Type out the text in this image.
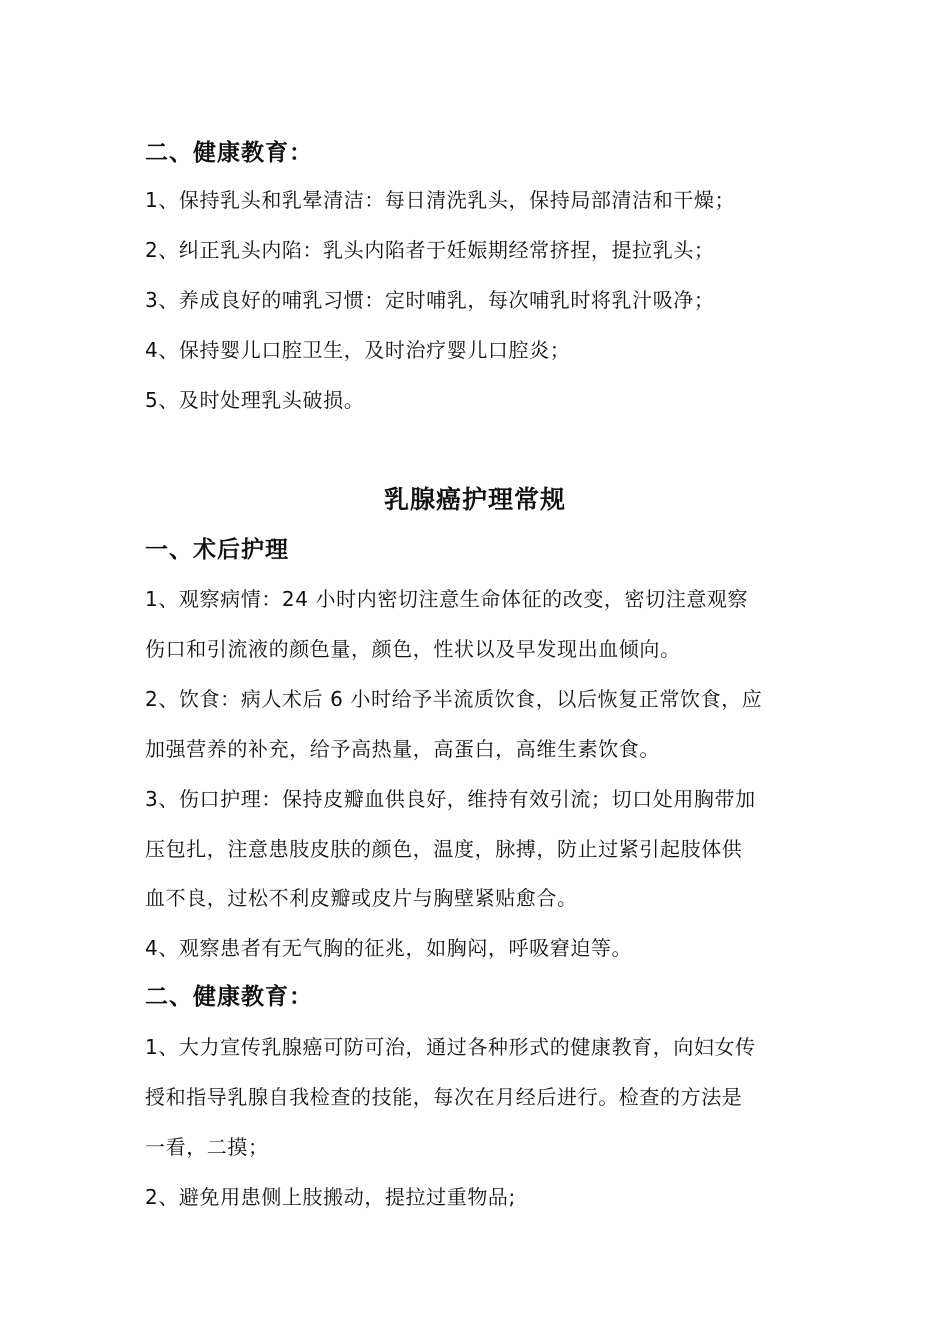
二、健康教育：
1、保持乳头和乳晕清洁：每日清洗乳头，保持局部清洁和干燥；
2、纠正乳头内陷：乳头内陷者于妊娠期经常挤捏，提拉乳头；
3、养成良好的哺乳习惯：定时哺乳，每次哺乳时将乳汁吸净；
4、保持婴儿口腔卫生，及时治疗婴儿口腔炎；
5、及时处理乳头破损。
乳腺癌护理常规
一、术后护理
1、观察病情：24 小时内密切注意生命体征的改变，密切注意观察
伤口和引流液的颜色量，颜色，性状以及早发现出血倾向。
2、饮食：病人术后 6 小时给予半流质饮食，以后恢复正常饮食，应
加强营养的补充，给予高热量，高蛋白，高维生素饮食。
3、伤口护理：保持皮瓣血供良好，维持有效引流；切口处用胸带加
压包扎，注意患肢皮肤的颜色，温度，脉搏，防止过紧引起肢体供
血不良，过松不利皮瓣或皮片与胸壁紧贴愈合。
4、观察患者有无气胸的征兆，如胸闷，呼吸窘迫等。
二、健康教育：
1、大力宣传乳腺癌可防可治，通过各种形式的健康教育，向妇女传
授和指导乳腺自我检查的技能，每次在月经后进行。检查的方法是
一看，二摸；
2、避免用患侧上肢搬动，提拉过重物品;
